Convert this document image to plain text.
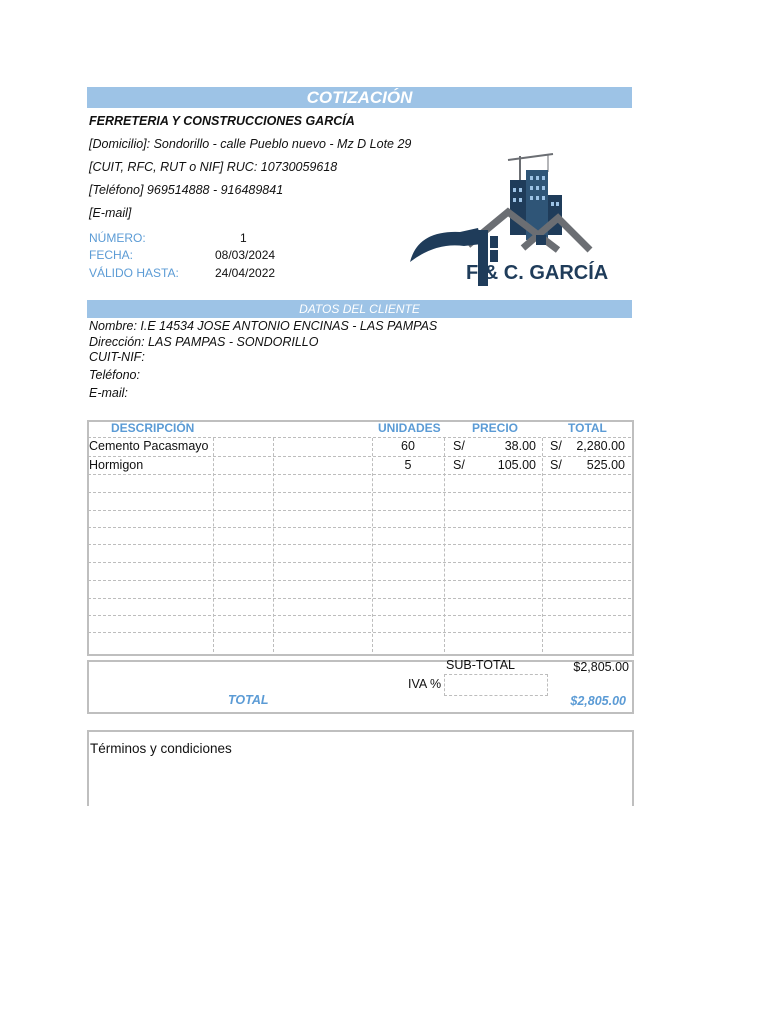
COTIZACIÓN
FERRETERIA Y CONSTRUCCIONES GARCÍA
[Domicilio]: Sondorillo - calle Pueblo nuevo - Mz D Lote 29
[CUIT, RFC, RUT o NIF] RUC: 10730059618
[Teléfono] 969514888 - 916489841
[E-mail]
NÚMERO:	1
FECHA:	08/03/2024
VÁLIDO HASTA:	24/04/2022	F & C. GARCÍA
DATOS DEL CLIENTE
Nombre: I.E 14534 JOSE ANTONIO ENCINAS - LAS PAMPAS
Dirección: LAS PAMPAS - SONDORILLO
CUIT-NIF:
Teléfono:
E-mail:
DESCRIPCIÓN	UNIDADES	PRECIO	TOTAL
Cemento Pacasmayo	60	S/	38.00 S/	2,280.00
Hormigon	5	S/	105.00 S/	525.00
SUB-TOTAL	$2,805.00
IVA %
TOTAL	$2,805.00
Términos y condiciones
